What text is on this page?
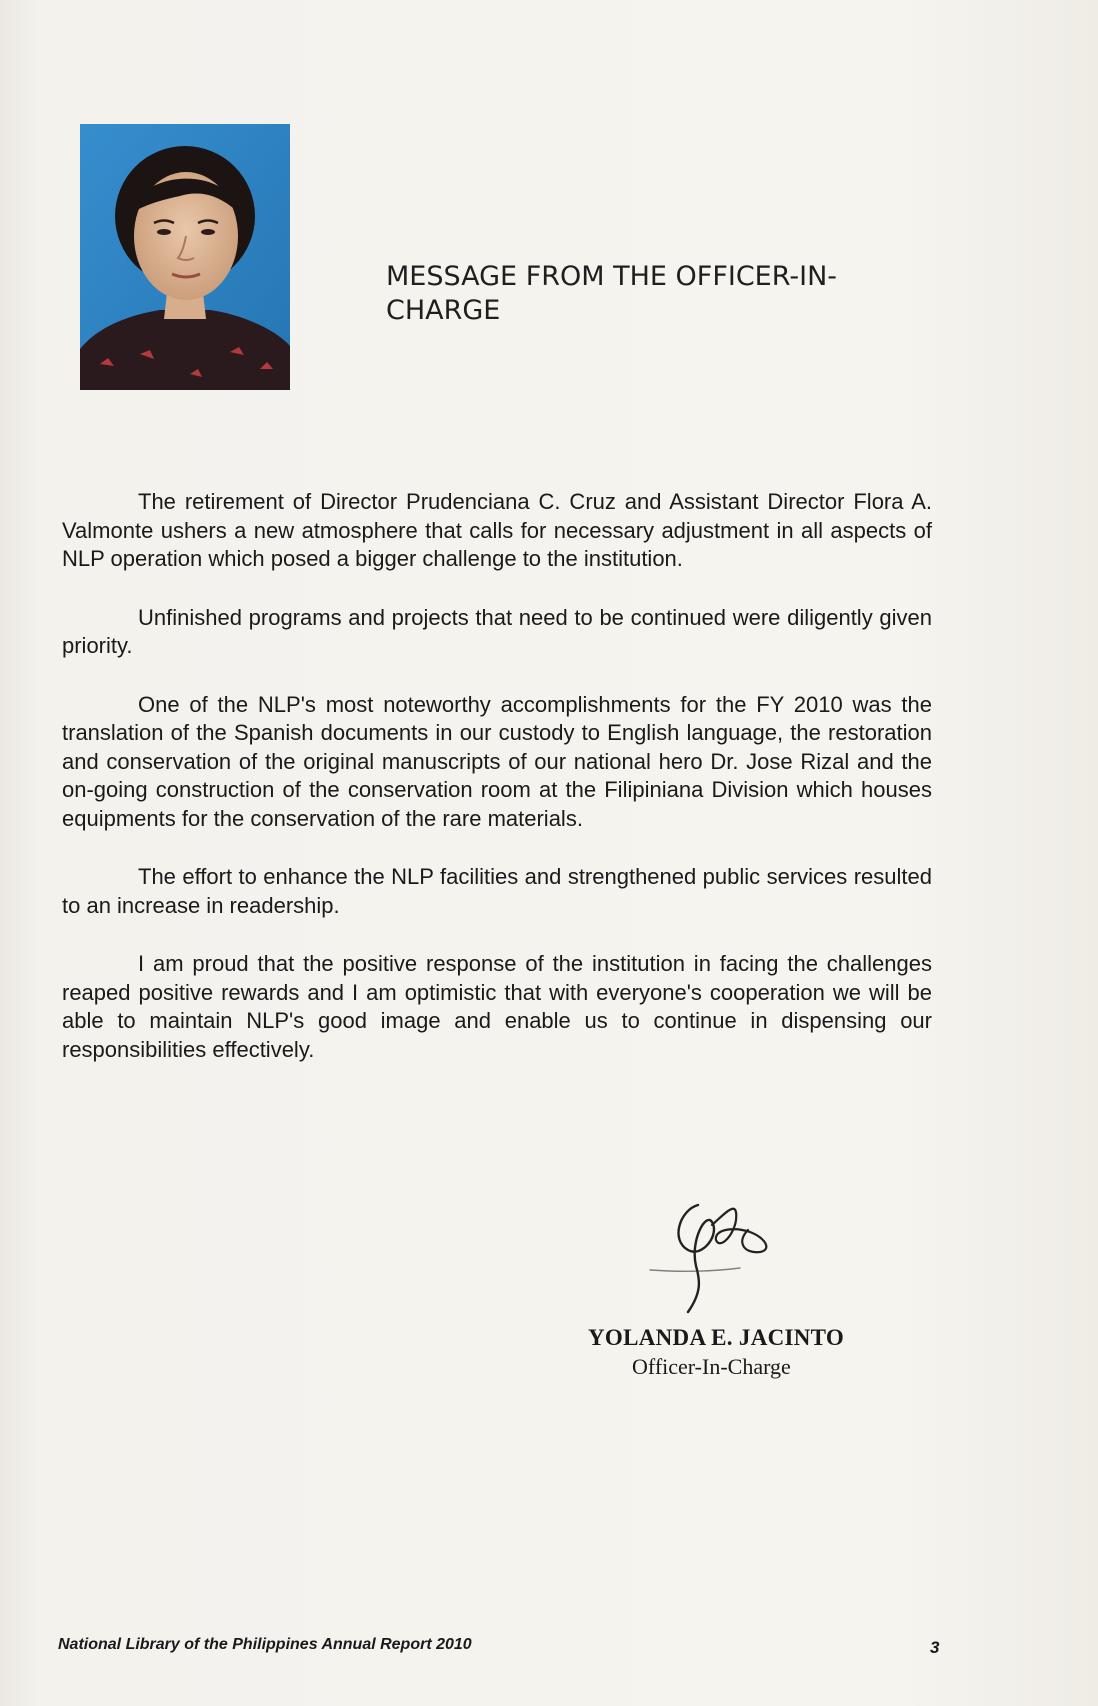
MESSAGE FROM THE OFFICER-IN-CHARGE

The retirement of Director Prudenciana C. Cruz and Assistant Director Flora A. Valmonte ushers a new atmosphere that calls for necessary adjustment in all aspects of NLP operation which posed a bigger challenge to the institution.

Unfinished programs and projects that need to be continued were diligently given priority.

One of the NLP's most noteworthy accomplishments for the FY 2010 was the translation of the Spanish documents in our custody to English language, the restoration and conservation of the original manuscripts of our national hero Dr. Jose Rizal and the on-going construction of the conservation room at the Filipiniana Division which houses equipments for the conservation of the rare materials.

The effort to enhance the NLP facilities and strengthened public services resulted to an increase in readership.

I am proud that the positive response of the institution in facing the challenges reaped positive rewards and I am optimistic that with everyone's cooperation we will be able to maintain NLP's good image and enable us to continue in dispensing our responsibilities effectively.

YOLANDA E. JACINTO
Officer-In-Charge
National Library of the Philippines Annual Report 2010	3
